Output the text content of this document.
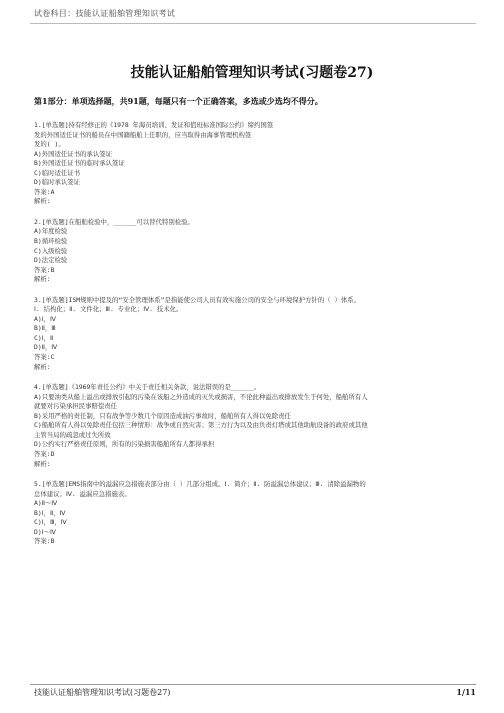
试卷科目：技能认证船舶管理知识考试
技能认证船舶管理知识考试(习题卷27)
第1部分：单项选择题，共91题，每题只有一个正确答案，多选或少选均不得分。
1.[单选题]持有经修正的《1978 年海员培训、发证和值班标准国际公约》缔约国签
发的外国适任证书的船员在中国籍船舶上任职的，应当取得由海事管理机构签
发的( )。
A)外国适任证书的承认签证
B)外国适任证书的临时承认签证
C)临时适任证书
D)临时承认签证
答案:A
解析:
2.[单选题]在船舶检验中，______可以替代特别检验。
A)年度检验
B)循环检验
C)入级检验
D)法定检验
答案:B
解析:
3.[单选题]ISM规则中提及的“安全管理体系”是指能使公司人员有效实施公司的安全与环境保护方针的（ ）体系。
Ⅰ. 结构化；Ⅱ. 文件化；Ⅲ. 专业化；Ⅳ. 技术化。
A)Ⅰ，Ⅳ
B)Ⅱ，Ⅲ
C)Ⅰ，Ⅱ
D)Ⅱ，Ⅳ
答案:C
解析:
4.[单选题]《1969年责任公约》中关于责任相关条款，说法错误的是______。
A)只要油类从船上溢出或排放引起的污染在该船之外造成的灭失或损害，不论此种溢出或排放发生于何处，船舶所有人
就要对污染承担民事赔偿责任
B)采用严格的责任制，只有战争等少数几个原因造成油污事故时，船舶所有人得以免除责任
C)船舶所有人得以免除责任包括三种情形：战争或自然灾害；第三方行为以及由负责灯塔或其他助航设备的政府或其他
主管当局的疏忽或过失所致
D)公约实行严格责任原则，所有的污染损害船舶所有人都得承担
答案:D
解析:
5.[单选题]EMS指南中的溢漏应急措施表部分由（ ）几部分组成。Ⅰ. 简介；Ⅱ. 防溢漏总体建议；Ⅲ. 清除溢漏物的
总体建议；Ⅳ. 溢漏应急措施表。
A)Ⅱ～Ⅳ
B)Ⅰ，Ⅱ，Ⅳ
C)Ⅰ，Ⅲ，Ⅳ
D)Ⅰ～Ⅳ
答案:B
技能认证船舶管理知识考试(习题卷27)	1/11
